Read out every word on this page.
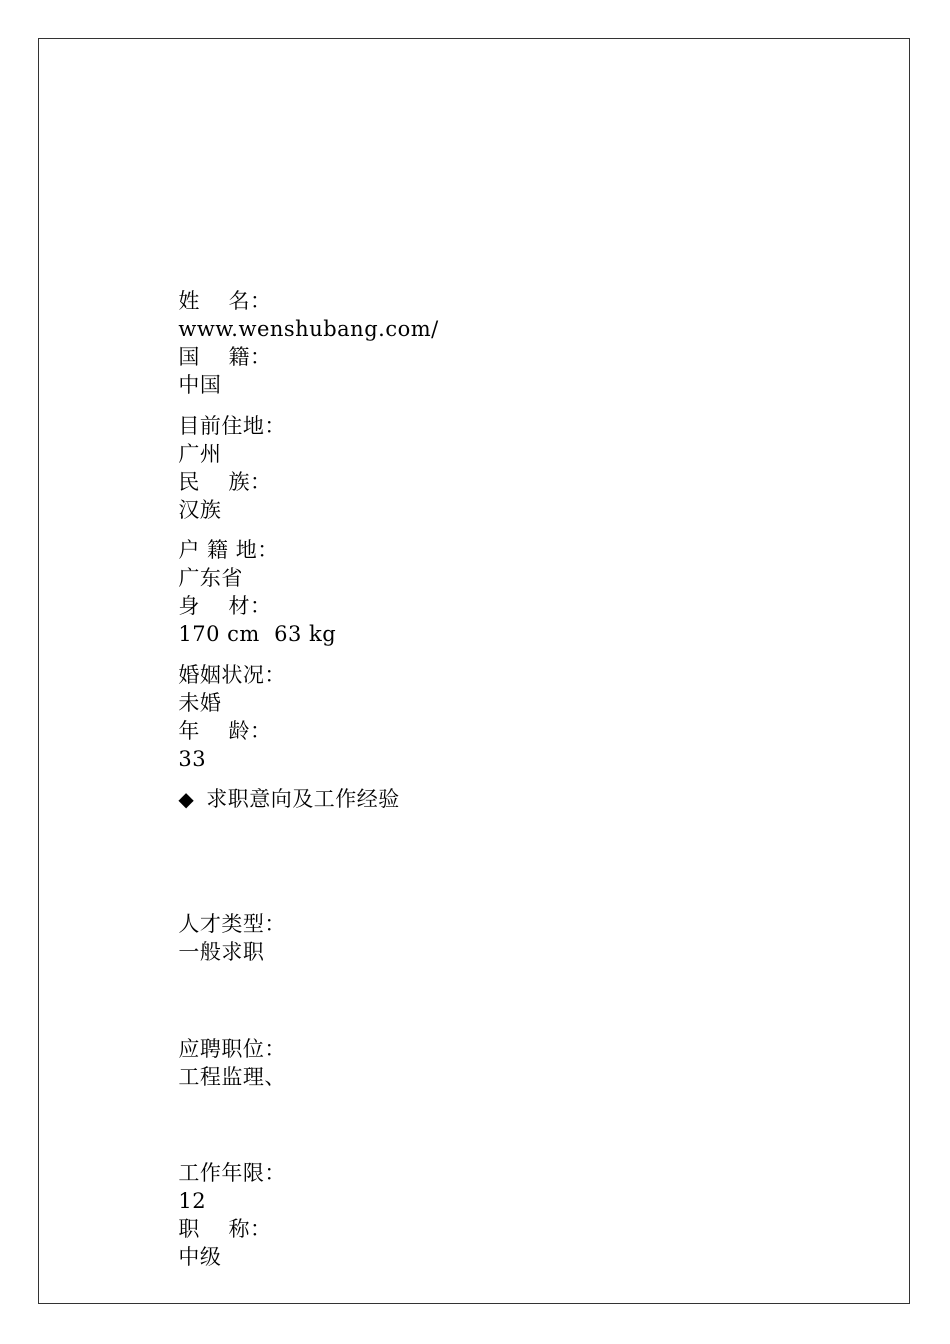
姓    名：
www.wenshubang.com/
国    籍：
中国

目前住地：
广州
民    族：
汉族

户 籍 地：
广东省
身    材：
170 cm  63 kg

婚姻状况：
未婚
年    龄：
33

◆ 求职意向及工作经验

人才类型：
一般求职

应聘职位：
工程监理、

工作年限：
12
职    称：
中级
